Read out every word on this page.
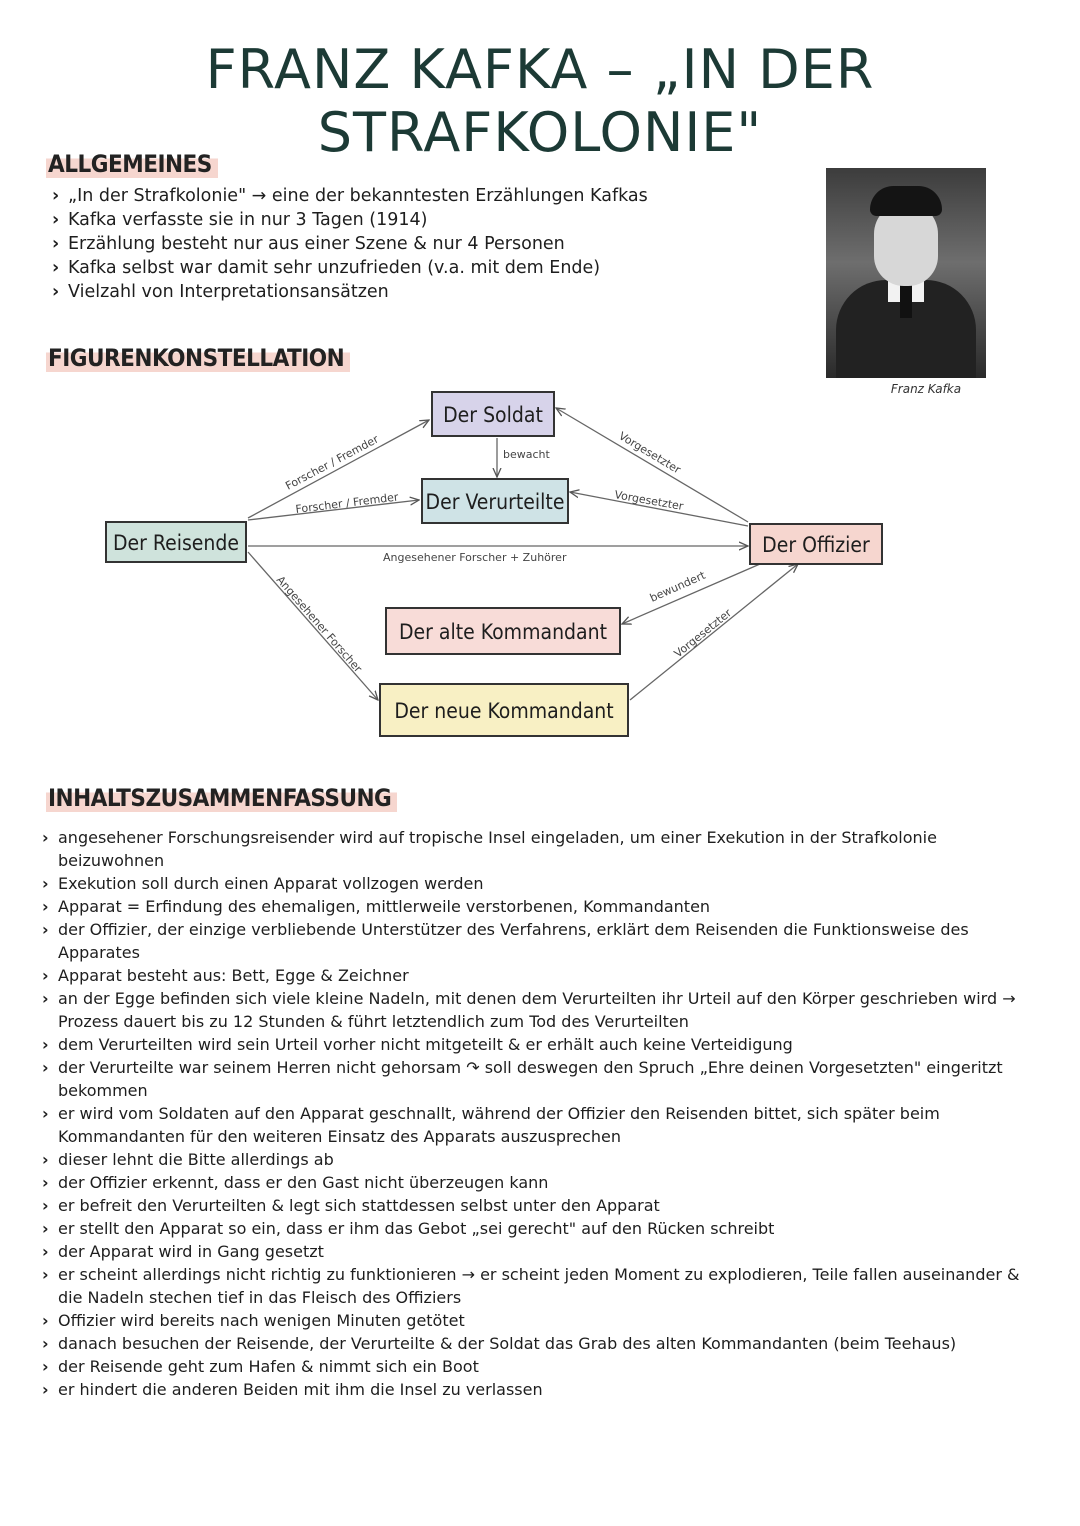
FRANZ KAFKA – „IN DER STRAFKOLONIE"
ALLGEMEINES
› „In der Strafkolonie" → eine der bekanntesten Erzählungen Kafkas
› Kafka verfasste sie in nur 3 Tagen (1914)
› Erzählung besteht nur aus einer Szene & nur 4 Personen
› Kafka selbst war damit sehr unzufrieden (v.a. mit dem Ende)
› Vielzahl von Interpretationsansätzen
Franz Kafka
FIGURENKONSTELLATION
Forscher / Fremder
Forscher / Fremder
bewacht	Vorgesetzter
Vorgesetzter
Angesehener Forscher + Zuhörer
Angesehener Forscher	bewundert
Vorgesetzter
Der Soldat
Der Verurteilte
Der Reisende	Der Offizier
Der alte Kommandant
Der neue Kommandant
INHALTSZUSAMMENFASSUNG
› angesehener Forschungsreisender wird auf tropische Insel eingeladen, um einer Exekution in der Strafkolonie beizuwohnen
› Exekution soll durch einen Apparat vollzogen werden
› Apparat = Erfindung des ehemaligen, mittlerweile verstorbenen, Kommandanten
› der Offizier, der einzige verbliebende Unterstützer des Verfahrens, erklärt dem Reisenden die Funktionsweise des Apparates
› Apparat besteht aus: Bett, Egge & Zeichner
› an der Egge befinden sich viele kleine Nadeln, mit denen dem Verurteilten ihr Urteil auf den Körper geschrieben wird → Prozess dauert bis zu 12 Stunden & führt letztendlich zum Tod des Verurteilten
› dem Verurteilten wird sein Urteil vorher nicht mitgeteilt & er erhält auch keine Verteidigung
› der Verurteilte war seinem Herren nicht gehorsam ↷ soll deswegen den Spruch „Ehre deinen Vorgesetzten" eingeritzt bekommen
› er wird vom Soldaten auf den Apparat geschnallt, während der Offizier den Reisenden bittet, sich später beim Kommandanten für den weiteren Einsatz des Apparats auszusprechen
› dieser lehnt die Bitte allerdings ab
› der Offizier erkennt, dass er den Gast nicht überzeugen kann
› er befreit den Verurteilten & legt sich stattdessen selbst unter den Apparat
› er stellt den Apparat so ein, dass er ihm das Gebot „sei gerecht" auf den Rücken schreibt
› der Apparat wird in Gang gesetzt
› er scheint allerdings nicht richtig zu funktionieren → er scheint jeden Moment zu explodieren, Teile fallen auseinander & die Nadeln stechen tief in das Fleisch des Offiziers
› Offizier wird bereits nach wenigen Minuten getötet
› danach besuchen der Reisende, der Verurteilte & der Soldat das Grab des alten Kommandanten (beim Teehaus)
› der Reisende geht zum Hafen & nimmt sich ein Boot
› er hindert die anderen Beiden mit ihm die Insel zu verlassen
